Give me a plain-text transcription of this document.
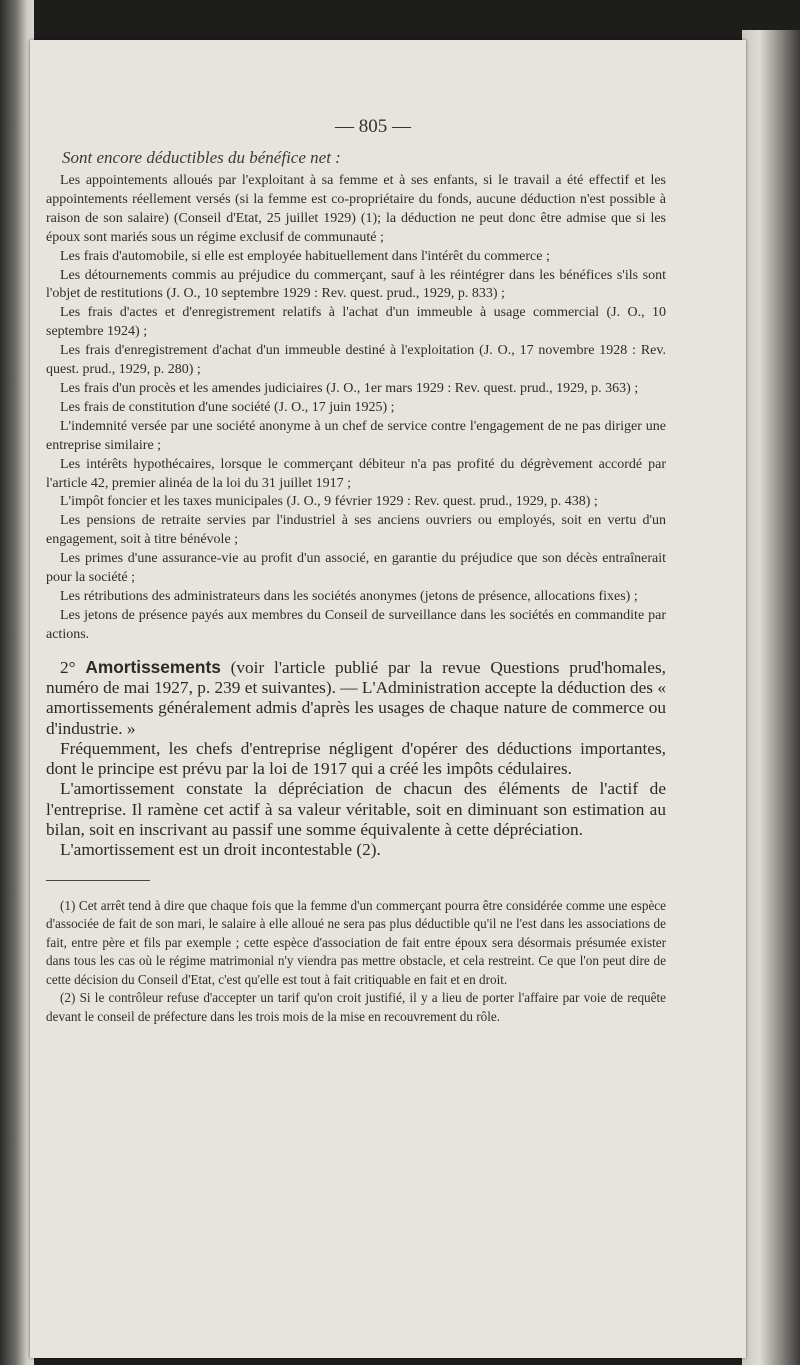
— 805 —
Sont encore déductibles du bénéfice net :

Les appointements alloués par l'exploitant à sa femme et à ses enfants, si le travail a été effectif et les appointements réellement versés (si la femme est co-propriétaire du fonds, aucune déduction n'est possible à raison de son salaire) (Conseil d'Etat, 25 juillet 1929) (1); la déduction ne peut donc être admise que si les époux sont mariés sous un régime exclusif de communauté ;

Les frais d'automobile, si elle est employée habituellement dans l'intérêt du commerce ;

Les détournements commis au préjudice du commerçant, sauf à les réintégrer dans les bénéfices s'ils sont l'objet de restitutions (J. O., 10 septembre 1929 : Rev. quest. prud., 1929, p. 833) ;

Les frais d'actes et d'enregistrement relatifs à l'achat d'un immeuble à usage commercial (J. O., 10 septembre 1924) ;

Les frais d'enregistrement d'achat d'un immeuble destiné à l'exploitation (J. O., 17 novembre 1928 : Rev. quest. prud., 1929, p. 280) ;

Les frais d'un procès et les amendes judiciaires (J. O., 1er mars 1929 : Rev. quest. prud., 1929, p. 363) ;

Les frais de constitution d'une société (J. O., 17 juin 1925) ;

L'indemnité versée par une société anonyme à un chef de service contre l'engagement de ne pas diriger une entreprise similaire ;

Les intérêts hypothécaires, lorsque le commerçant débiteur n'a pas profité du dégrèvement accordé par l'article 42, premier alinéa de la loi du 31 juillet 1917 ;

L'impôt foncier et les taxes municipales (J. O., 9 février 1929 : Rev. quest. prud., 1929, p. 438) ;

Les pensions de retraite servies par l'industriel à ses anciens ouvriers ou employés, soit en vertu d'un engagement, soit à titre bénévole ;

Les primes d'une assurance-vie au profit d'un associé, en garantie du préjudice que son décès entraînerait pour la société ;

Les rétributions des administrateurs dans les sociétés anonymes (jetons de présence, allocations fixes) ;

Les jetons de présence payés aux membres du Conseil de surveillance dans les sociétés en commandite par actions.

2° Amortissements (voir l'article publié par la revue Questions prud'homales, numéro de mai 1927, p. 239 et suivantes). — L'Administration accepte la déduction des « amortissements généralement admis d'après les usages de chaque nature de commerce ou d'industrie. »

Fréquemment, les chefs d'entreprise négligent d'opérer des déductions importantes, dont le principe est prévu par la loi de 1917 qui a créé les impôts cédulaires.

L'amortissement constate la dépréciation de chacun des éléments de l'actif de l'entreprise. Il ramène cet actif à sa valeur véritable, soit en diminuant son estimation au bilan, soit en inscrivant au passif une somme équivalente à cette dépréciation.

L'amortissement est un droit incontestable (2).

(1) Cet arrêt tend à dire que chaque fois que la femme d'un commerçant pourra être considérée comme une espèce d'associée de fait de son mari, le salaire à elle alloué ne sera pas plus déductible qu'il ne l'est dans les associations de fait, entre père et fils par exemple ; cette espèce d'association de fait entre époux sera désormais présumée exister dans tous les cas où le régime matrimonial n'y viendra pas mettre obstacle, et cela restreint. Ce que l'on peut dire de cette décision du Conseil d'Etat, c'est qu'elle est tout à fait critiquable en fait et en droit.

(2) Si le contrôleur refuse d'accepter un tarif qu'on croit justifié, il y a lieu de porter l'affaire par voie de requête devant le conseil de préfecture dans les trois mois de la mise en recouvrement du rôle.
